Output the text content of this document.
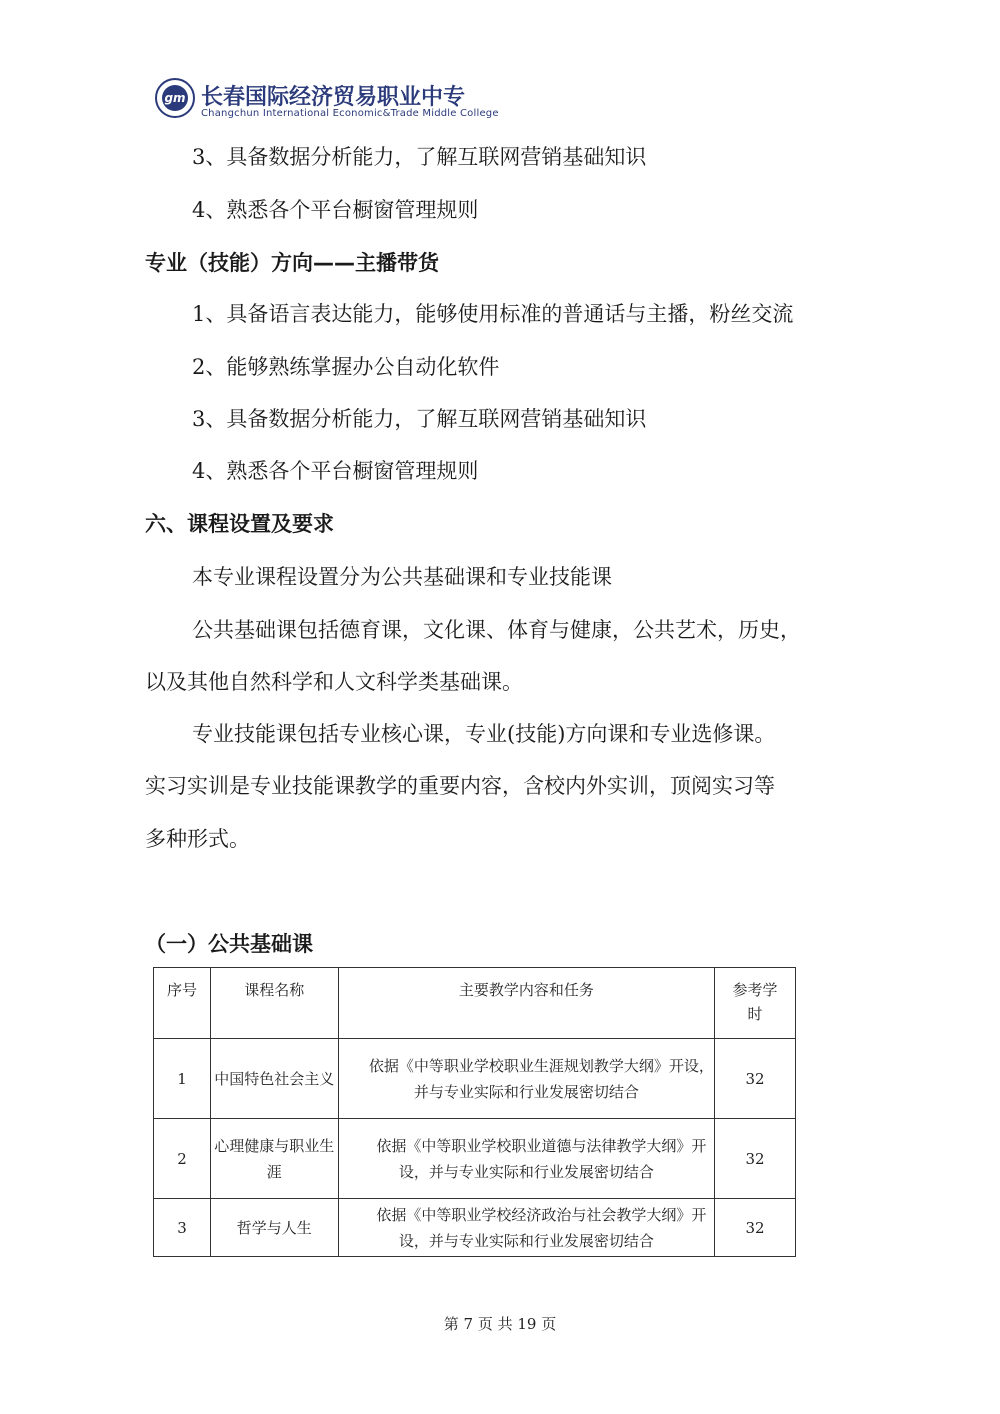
gm 长春国际经济贸易职业中专
Changchun International Economic&Trade Middle College
3、具备数据分析能力，了解互联网营销基础知识
4、熟悉各个平台橱窗管理规则
专业（技能）方向——主播带货
1、具备语言表达能力，能够使用标准的普通话与主播，粉丝交流
2、能够熟练掌握办公自动化软件
3、具备数据分析能力，了解互联网营销基础知识
4、熟悉各个平台橱窗管理规则
六、课程设置及要求
本专业课程设置分为公共基础课和专业技能课
公共基础课包括德育课，文化课、体育与健康，公共艺术，历史，
以及其他自然科学和人文科学类基础课。
专业技能课包括专业核心课，专业(技能)方向课和专业选修课。
实习实训是专业技能课教学的重要内容，含校内外实训，顶阅实习等
多种形式。
（一）公共基础课
序号	课程名称	主要教学内容和任务	参考学时
1	中国特色社会主义	依据《中等职业学校职业生涯规划教学大纲》开设， 并与专业实际和行业发展密切结合	32
2	心理健康与职业生涯	依据《中等职业学校职业道德与法律教学大纲》开设，并与专业实际和行业发展密切结合	32
3	哲学与人生	依据《中等职业学校经济政治与社会教学大纲》开设，并与专业实际和行业发展密切结合	32
第 7 页 共 19 页
